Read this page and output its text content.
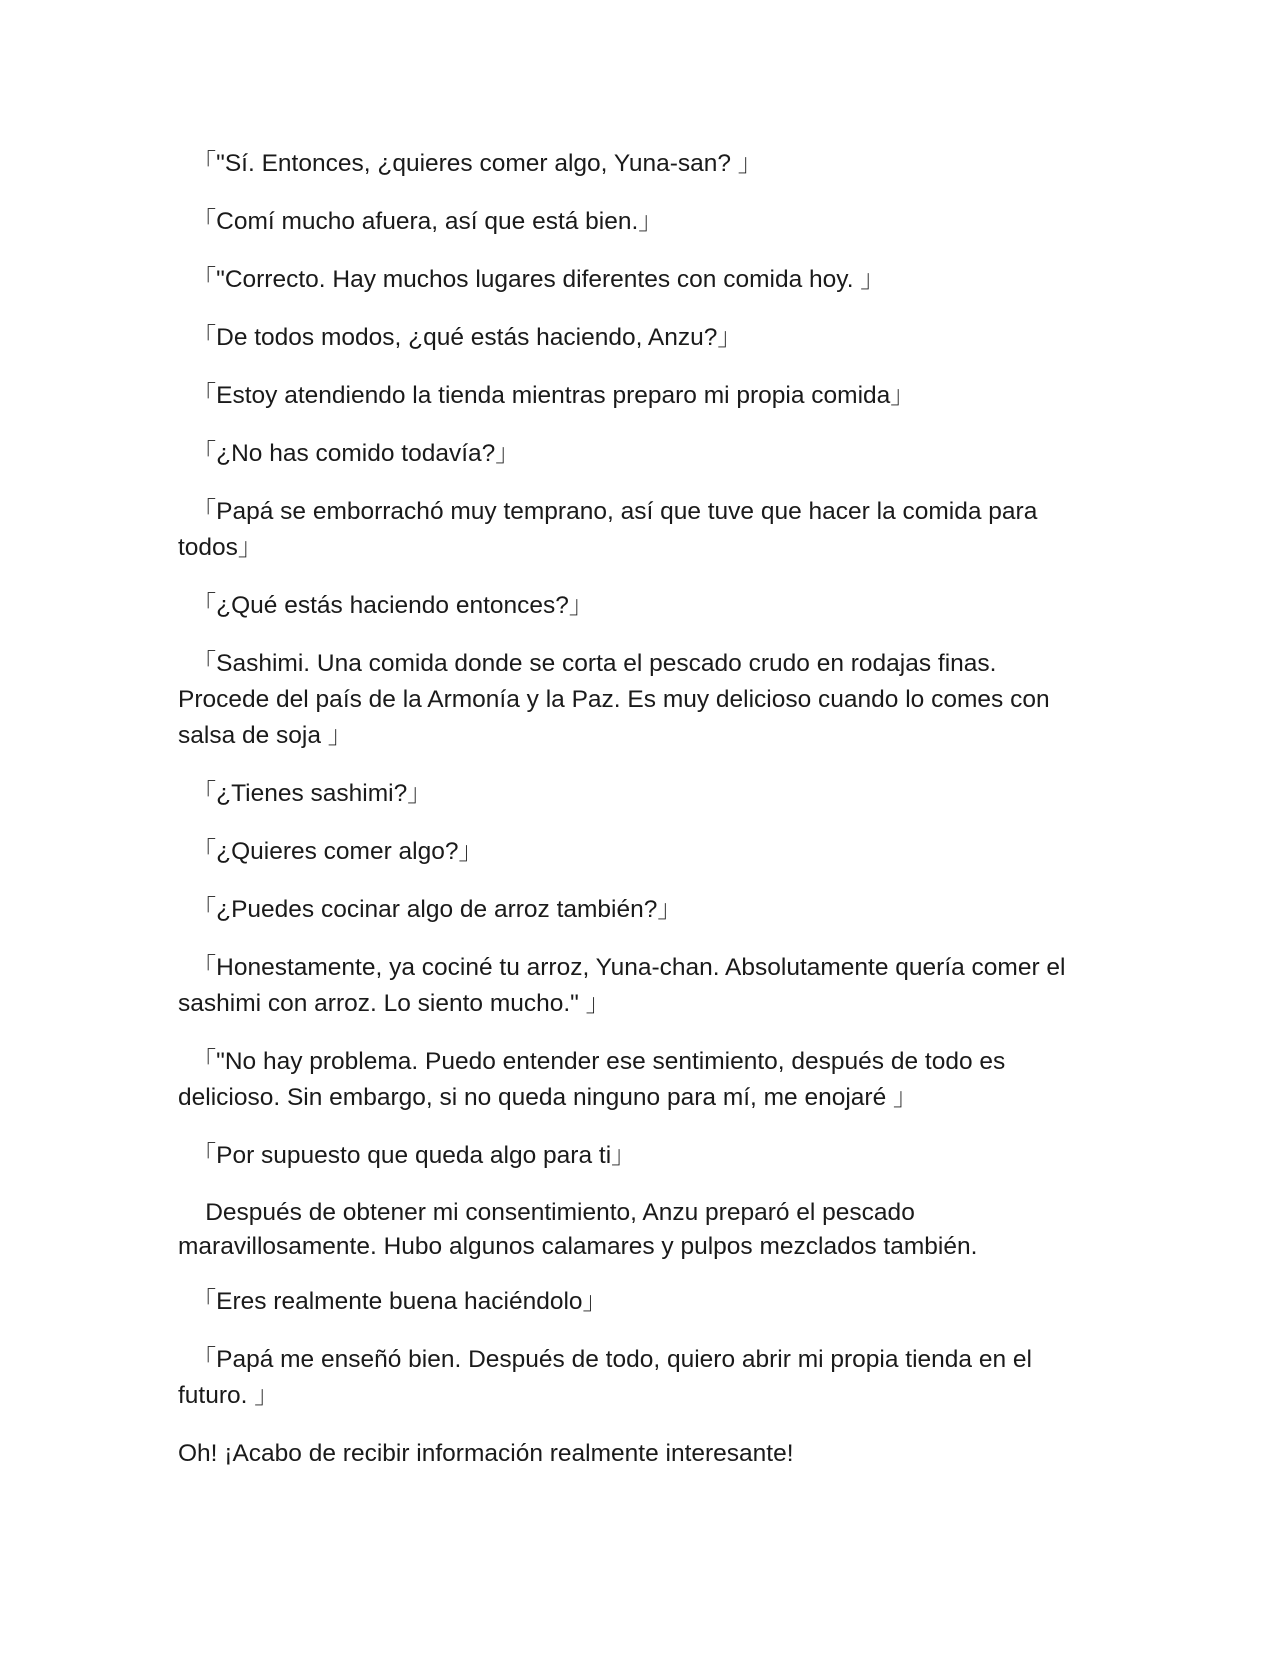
「"Sí. Entonces, ¿quieres comer algo, Yuna-san? 」

「Comí mucho afuera, así que está bien.」

「"Correcto. Hay muchos lugares diferentes con comida hoy. 」

「De todos modos, ¿qué estás haciendo, Anzu?」

「Estoy atendiendo la tienda mientras preparo mi propia comida」

「¿No has comido todavía?」

「Papá se emborrachó muy temprano, así que tuve que hacer la comida para todos」

「¿Qué estás haciendo entonces?」

「Sashimi. Una comida donde se corta el pescado crudo en rodajas finas. Procede del país de la Armonía y la Paz. Es muy delicioso cuando lo comes con salsa de soja 」

「¿Tienes sashimi?」

「¿Quieres comer algo?」

「¿Puedes cocinar algo de arroz también?」

「Honestamente, ya cociné tu arroz, Yuna-chan. Absolutamente quería comer el sashimi con arroz. Lo siento mucho." 」

「"No hay problema. Puedo entender ese sentimiento, después de todo es delicioso. Sin embargo, si no queda ninguno para mí, me enojaré 」

「Por supuesto que queda algo para ti」

Después de obtener mi consentimiento, Anzu preparó el pescado maravillosamente. Hubo algunos calamares y pulpos mezclados también.

「Eres realmente buena haciéndolo」

「Papá me enseñó bien. Después de todo, quiero abrir mi propia tienda en el futuro. 」

Oh! ¡Acabo de recibir información realmente interesante!
